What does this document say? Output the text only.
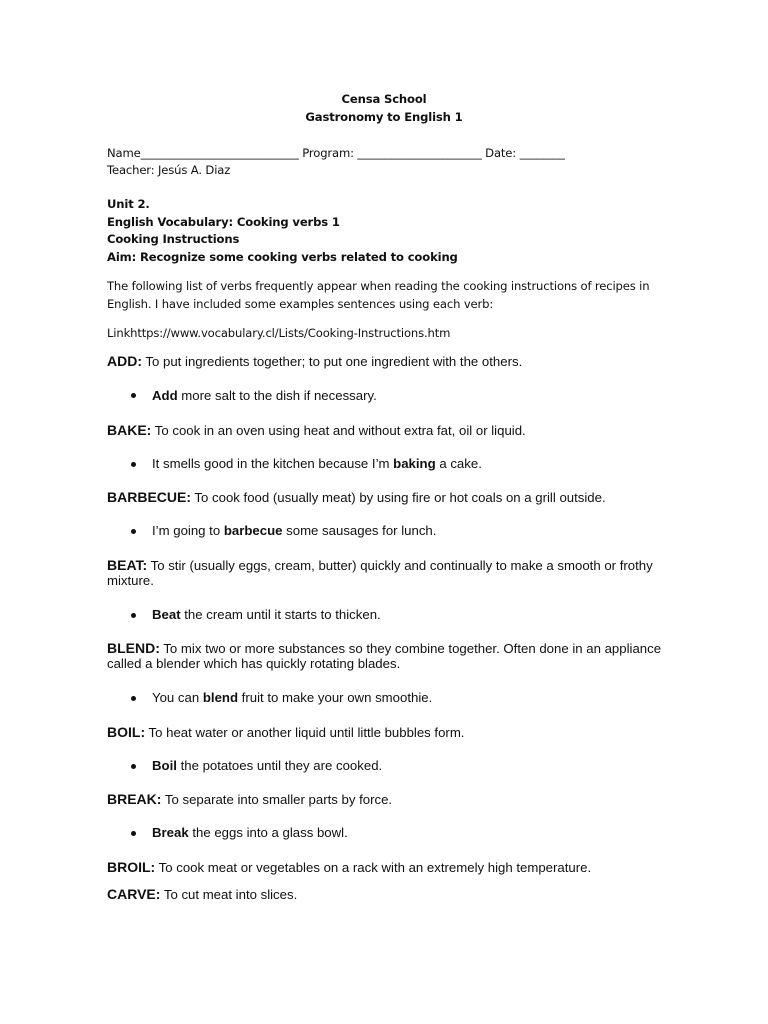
Censa School
Gastronomy to English 1
Name____________________________ Program: ______________________ Date: ________
Teacher: Jesús A. Diaz
Unit 2.
English Vocabulary: Cooking verbs 1
Cooking Instructions
Aim: Recognize some cooking verbs related to cooking
The following list of verbs frequently appear when reading the cooking instructions of recipes in
English. I have included some examples sentences using each verb:
Linkhttps://www.vocabulary.cl/Lists/Cooking-Instructions.htm
ADD: To put ingredients together; to put one ingredient with the others.
Add more salt to the dish if necessary.
BAKE: To cook in an oven using heat and without extra fat, oil or liquid.
It smells good in the kitchen because I’m baking a cake.
BARBECUE: To cook food (usually meat) by using fire or hot coals on a grill outside.
I’m going to barbecue some sausages for lunch.
BEAT: To stir (usually eggs, cream, butter) quickly and continually to make a smooth or frothy
mixture.
Beat the cream until it starts to thicken.
BLEND: To mix two or more substances so they combine together. Often done in an appliance
called a blender which has quickly rotating blades.
You can blend fruit to make your own smoothie.
BOIL: To heat water or another liquid until little bubbles form.
Boil the potatoes until they are cooked.
BREAK: To separate into smaller parts by force.
Break the eggs into a glass bowl.
BROIL: To cook meat or vegetables on a rack with an extremely high temperature.
CARVE: To cut meat into slices.
